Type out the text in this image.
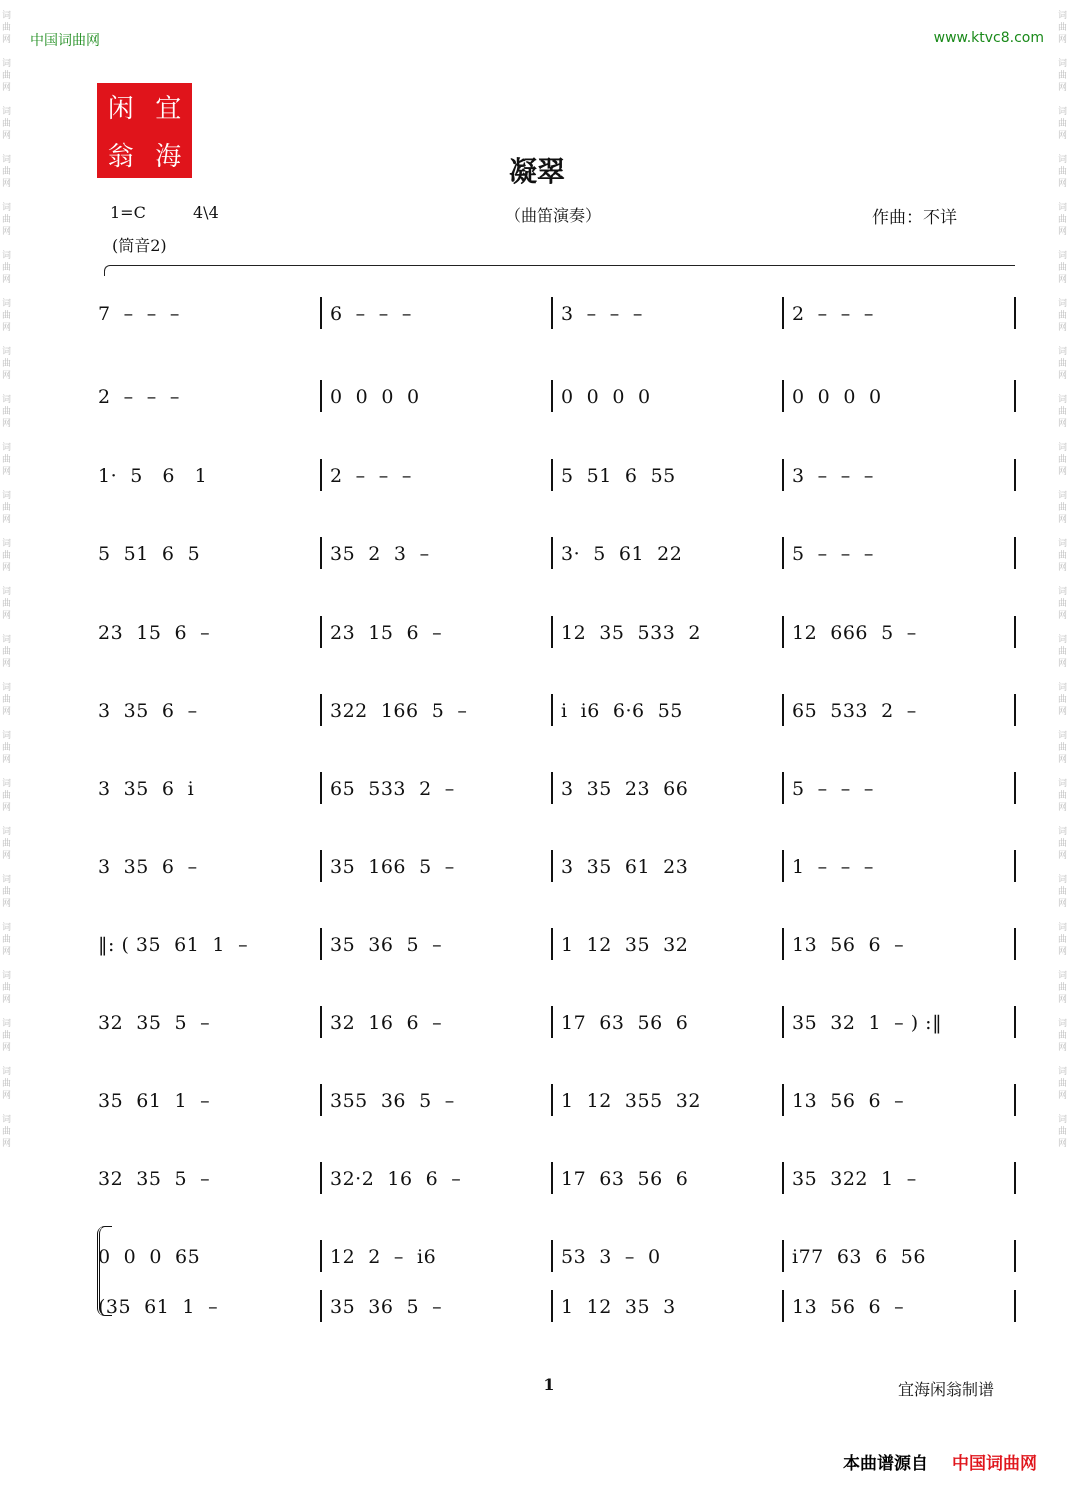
中国词曲网	www.ktvc8.com
闲 宜
翁 海	凝翠
1=C	4\4	（曲笛演奏）	作曲：不详
(筒音2)
7  –  –  –	6  –  –  –	3  –  –  –	2  –  –  –
2  –  –  –	0  0  0  0	0  0  0  0	0  0  0  0
1·  5   6   1	2  –  –  –	5  51  6  55	3  –  –  –
5  51  6  5	35  2  3  –	3·  5  61  22	5  –  –  –
23  15  6  –	23  15  6  –	12  35  533  2	12  666  5  –
3  35  6  –	322  166  5  –	i  i6  6·6  55	65  533  2  –
3  35  6  i	65  533  2  –	3  35  23  66	5  –  –  –
3  35  6  –	35  166  5  –	3  35  61  23	1  –  –  –
‖: ( 35  61  1  –	35  36  5  –	1  12  35  32	13  56  6  –
32  35  5  –	32  16  6  –	17  63  56  6	35  32  1  – ) :‖
35  61  1  –	355  36  5  –	1  12  355  32	13  56  6  –
32  35  5  –	32·2  16  6  –	17  63  56  6	35  322  1  –
0  0  0  65	12  2  –  i6	53  3  –  0	i77  63  6  56
(35  61  1  –	35  36  5  –	1  12  35  3	13  56  6  –
1	宜海闲翁制谱
本曲谱源自 中国词曲网
词
曲
网

词
曲
网

词
曲
网

词
曲
网

词
曲
网

词
曲
网

词
曲
网

词
曲
网

词
曲
网

词
曲
网

词
曲
网

词
曲
网

词
曲
网

词
曲
网

词
曲
网

词
曲
网

词
曲
网

词
曲
网

词
曲
网

词
曲
网

词
曲
网

词
曲
网

词
曲
网

词
曲
网

词
曲
网

词
曲
网

词
曲
网

词
曲
网

词
曲
网

词
曲
网

词
曲
网

词
曲
网

词
曲
网

词
曲
网

词
曲
网

词
曲
网

词
曲
网

词
曲
网

词
曲
网

词
曲
网

词
曲
网

词
曲
网

词
曲
网

词
曲
网

词
曲
网

词
曲
网

词
曲
网

词
曲
网
